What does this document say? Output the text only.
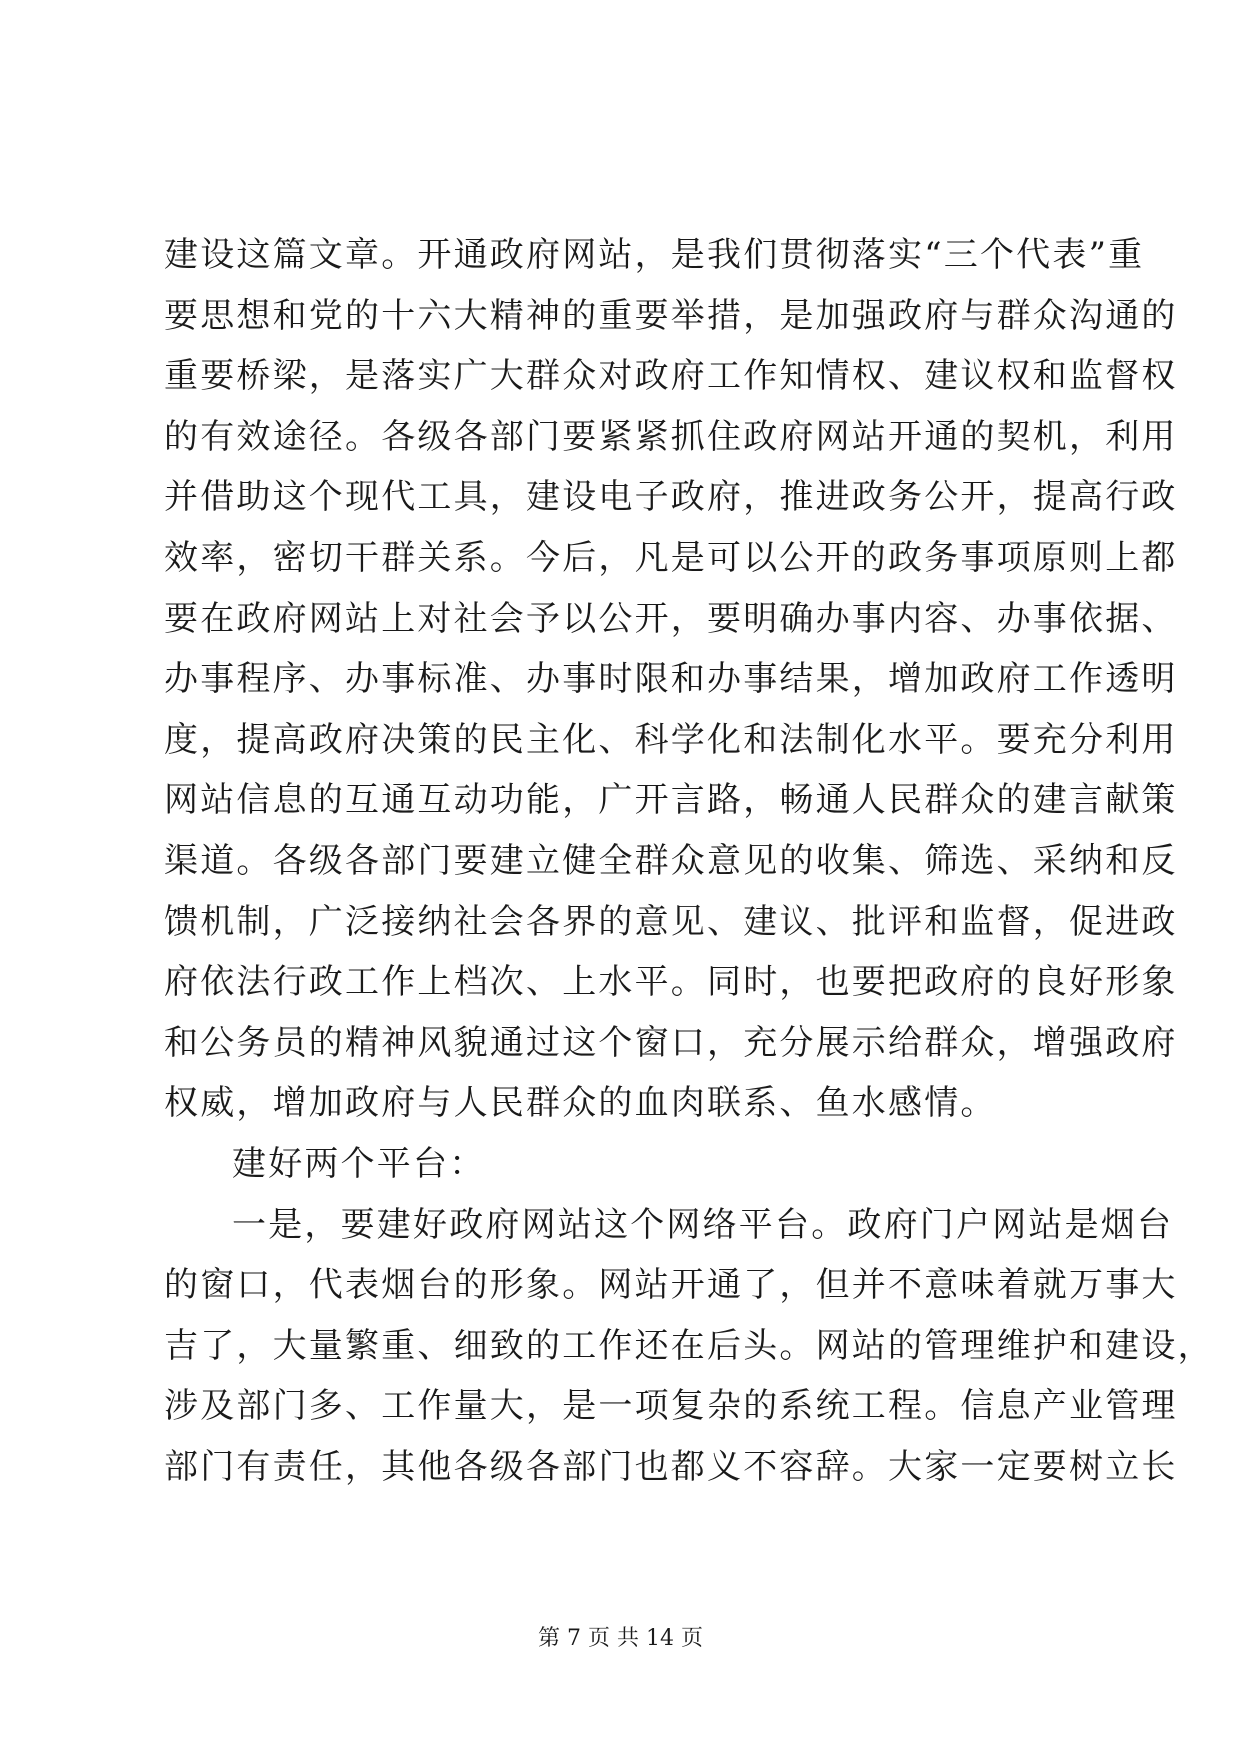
建设这篇文章。开通政府网站，是我们贯彻落实“三个代表”重
要思想和党的十六大精神的重要举措，是加强政府与群众沟通的
重要桥梁，是落实广大群众对政府工作知情权、建议权和监督权
的有效途径。各级各部门要紧紧抓住政府网站开通的契机，利用
并借助这个现代工具，建设电子政府，推进政务公开，提高行政
效率，密切干群关系。今后，凡是可以公开的政务事项原则上都
要在政府网站上对社会予以公开，要明确办事内容、办事依据、
办事程序、办事标准、办事时限和办事结果，增加政府工作透明
度，提高政府决策的民主化、科学化和法制化水平。要充分利用
网站信息的互通互动功能，广开言路，畅通人民群众的建言献策
渠道。各级各部门要建立健全群众意见的收集、筛选、采纳和反
馈机制，广泛接纳社会各界的意见、建议、批评和监督，促进政
府依法行政工作上档次、上水平。同时，也要把政府的良好形象
和公务员的精神风貌通过这个窗口，充分展示给群众，增强政府
权威，增加政府与人民群众的血肉联系、鱼水感情。
建好两个平台：
一是，要建好政府网站这个网络平台。政府门户网站是烟台
的窗口，代表烟台的形象。网站开通了，但并不意味着就万事大
吉了，大量繁重、细致的工作还在后头。网站的管理维护和建设，
涉及部门多、工作量大，是一项复杂的系统工程。信息产业管理
部门有责任，其他各级各部门也都义不容辞。大家一定要树立长
第 7 页 共 14 页
